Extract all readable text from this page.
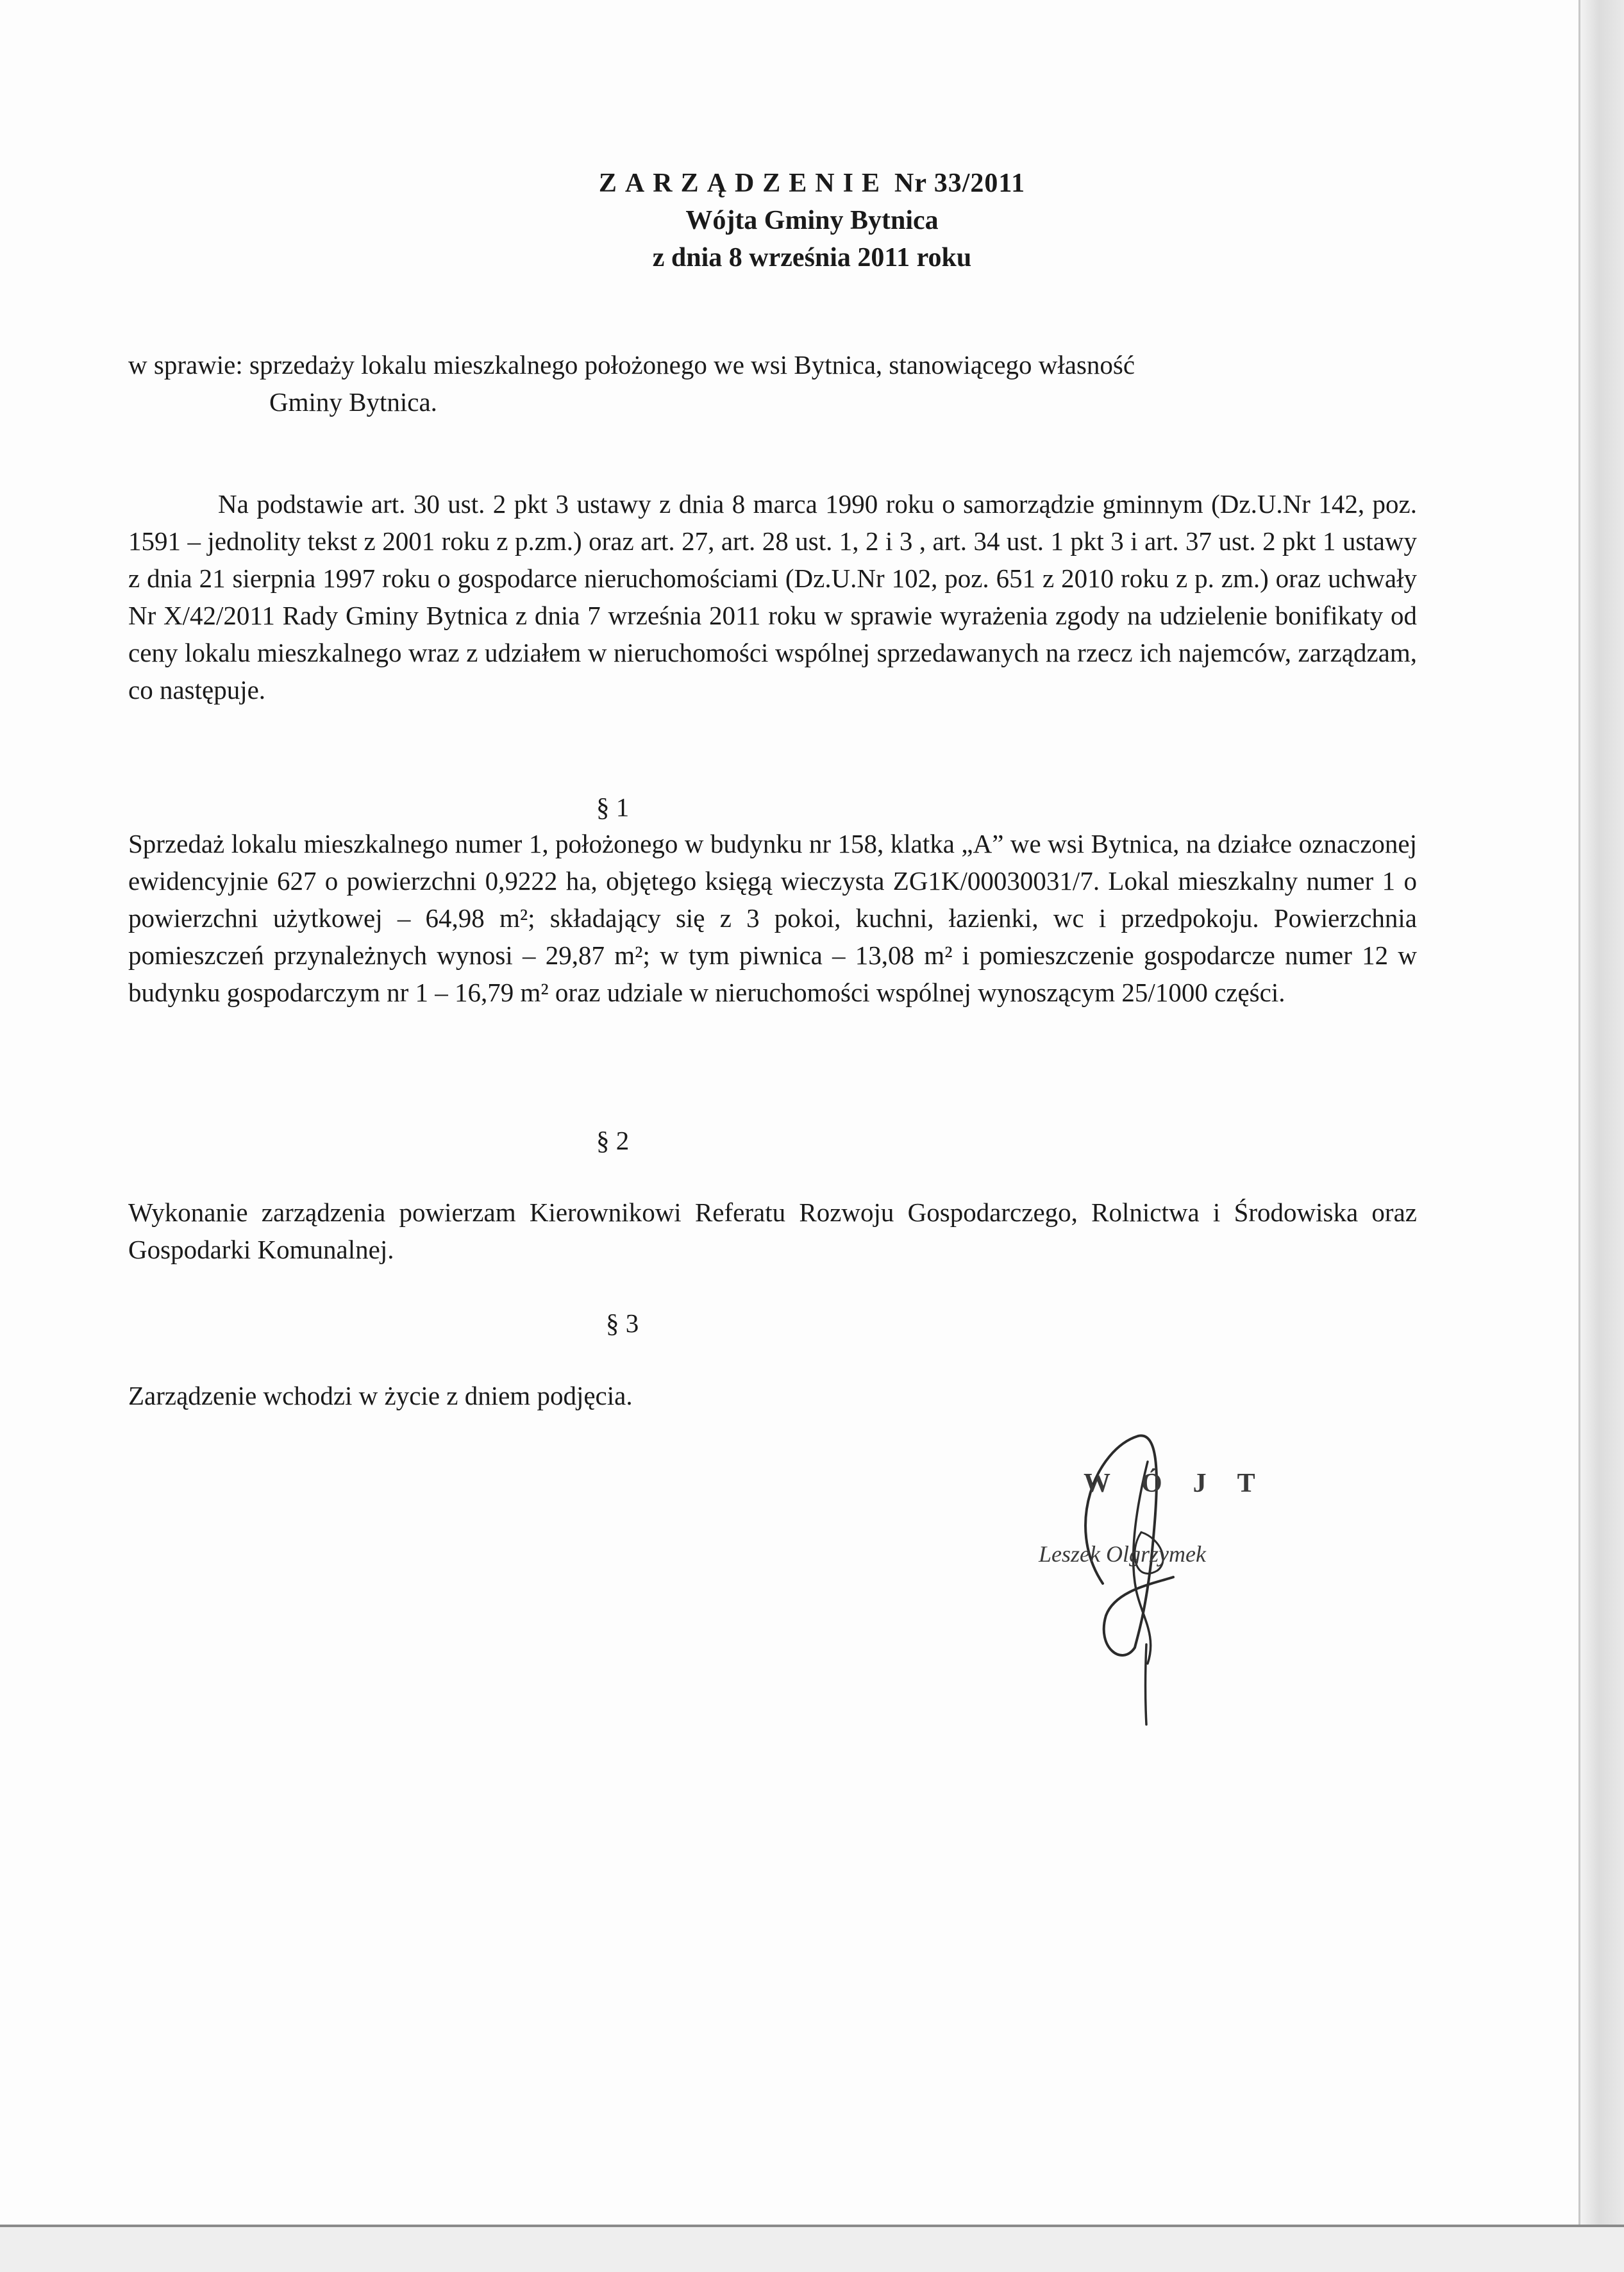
ZARZĄDZENIE Nr 33/2011
Wójta Gminy Bytnica
z dnia 8 września 2011 roku
w sprawie: sprzedaży lokalu mieszkalnego położonego we wsi Bytnica, stanowiącego własność
Gminy Bytnica.
Na podstawie art. 30 ust. 2 pkt 3 ustawy z dnia 8 marca 1990 roku o samorządzie gminnym (Dz.U.Nr 142, poz. 1591 – jednolity tekst z 2001 roku z p.zm.) oraz art. 27, art. 28 ust. 1, 2 i 3 , art. 34 ust. 1 pkt 3 i art. 37 ust. 2 pkt 1 ustawy z dnia 21 sierpnia 1997 roku o gospodarce nieruchomościami (Dz.U.Nr 102, poz. 651 z 2010 roku z p. zm.) oraz uchwały Nr X/42/2011 Rady Gminy Bytnica z dnia 7 września 2011 roku w sprawie wyrażenia zgody na udzielenie bonifikaty od ceny lokalu mieszkalnego wraz z udziałem w nieruchomości wspólnej sprzedawanych na rzecz ich najemców, zarządzam, co następuje.
§ 1
Sprzedaż lokalu mieszkalnego numer 1, położonego w budynku nr 158, klatka „A” we wsi Bytnica, na działce oznaczonej ewidencyjnie 627 o powierzchni 0,9222 ha, objętego księgą wieczysta ZG1K/00030031/7. Lokal mieszkalny numer 1 o powierzchni użytkowej – 64,98 m²; składający się z 3 pokoi, kuchni, łazienki, wc i przedpokoju. Powierzchnia pomieszczeń przynależnych wynosi – 29,87 m²; w tym piwnica – 13,08 m² i pomieszczenie gospodarcze numer 12 w budynku gospodarczym nr 1 – 16,79 m² oraz udziale w nieruchomości wspólnej wynoszącym 25/1000 części.
§ 2
Wykonanie zarządzenia powierzam Kierownikowi Referatu Rozwoju Gospodarczego, Rolnictwa i Środowiska oraz Gospodarki Komunalnej.
§ 3
Zarządzenie wchodzi w życie z dniem podjęcia.
WÓJT
Leszek Olgrzymek
